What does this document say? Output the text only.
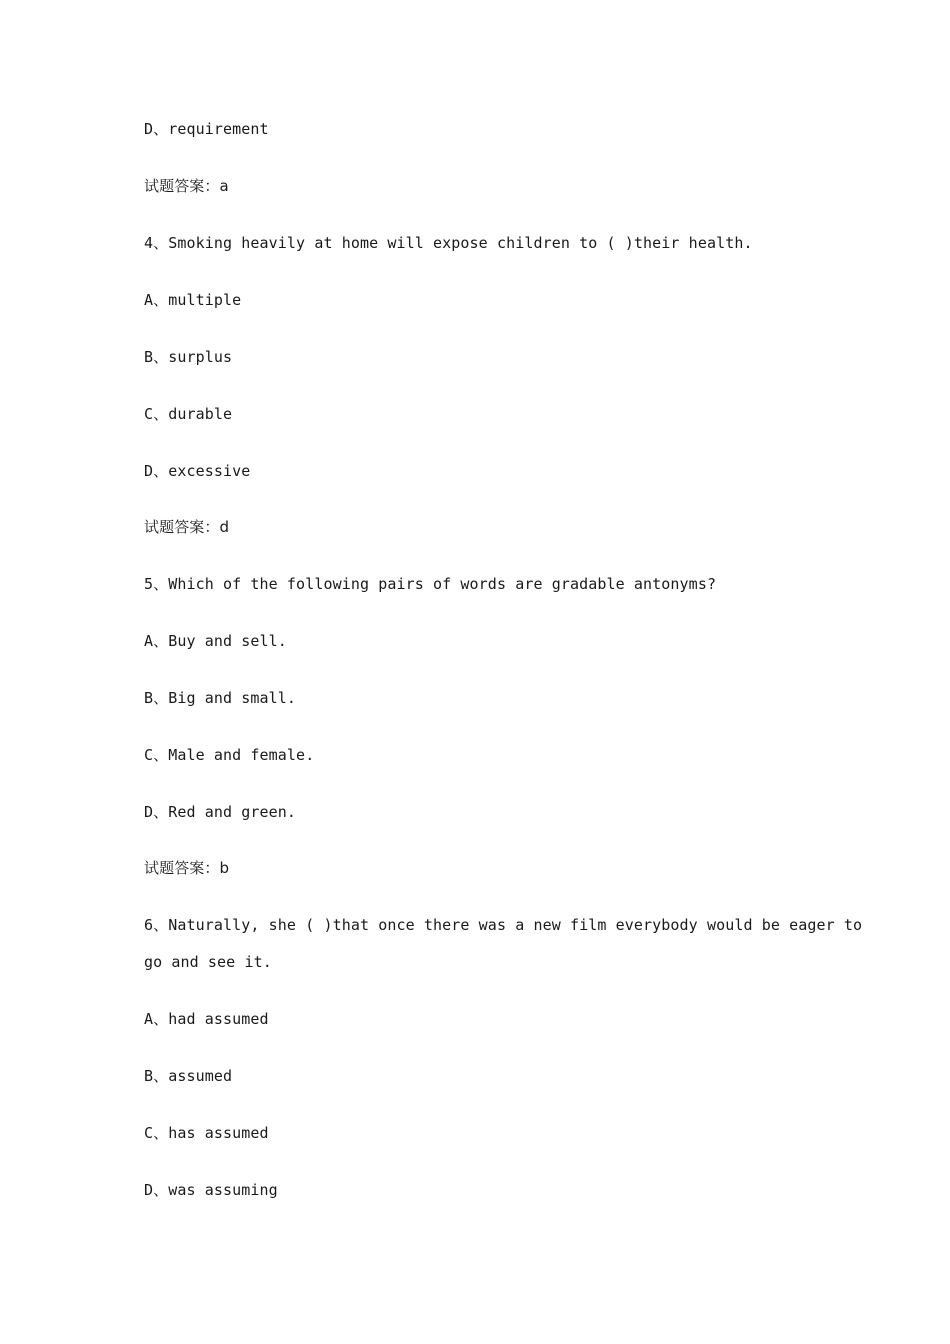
D、requirement
试题答案：a
4、Smoking heavily at home will expose children to ( )their health.
A、multiple
B、surplus
C、durable
D、excessive
试题答案：d
5、Which of the following pairs of words are gradable antonyms?
A、Buy and sell.
B、Big and small.
C、Male and female.
D、Red and green.
试题答案：b
6、Naturally, she ( )that once there was a new film everybody would be eager to
go and see it.
A、had assumed
B、assumed
C、has assumed
D、was assuming
